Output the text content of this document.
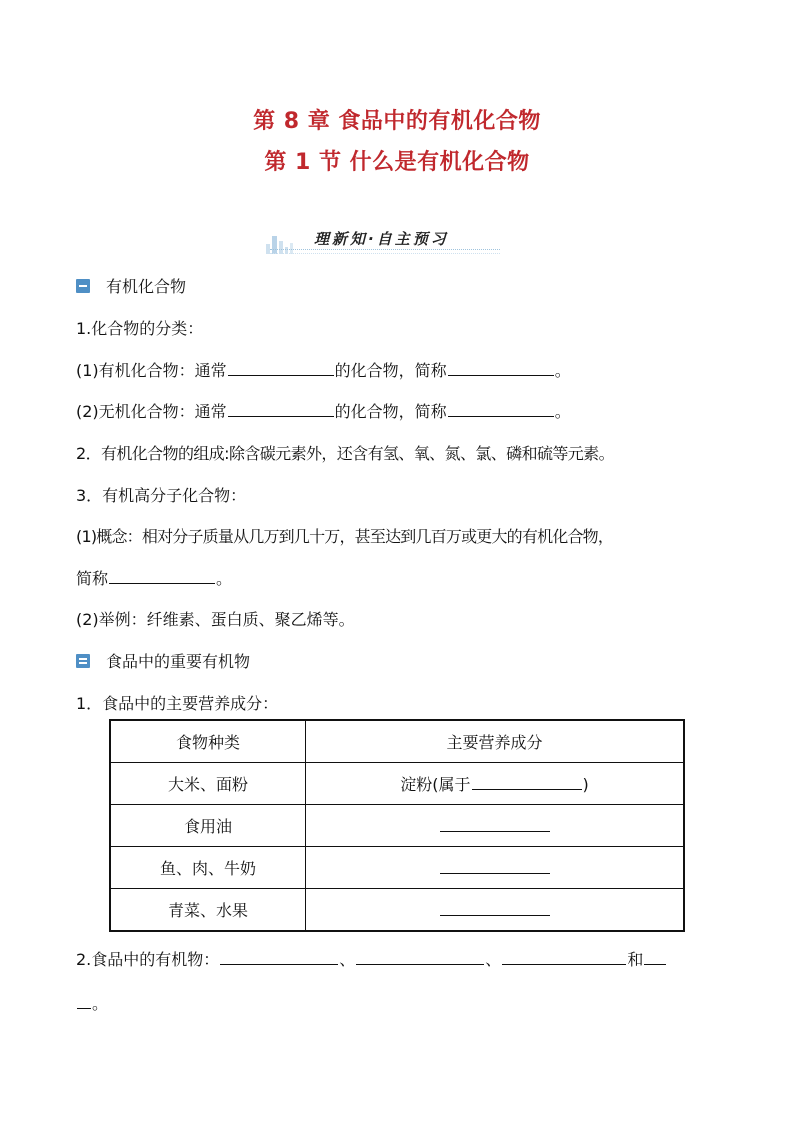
第 8 章 食品中的有机化合物
第 1 节 什么是有机化合物
理新知·自主预习
有机化合物
1.化合物的分类：
(1)有机化合物：通常	的化合物，简称	。
(2)无机化合物：通常	的化合物，简称	。
2．有机化合物的组成:除含碳元素外，还含有氢、氧、氮、氯、磷和硫等元素。
3．有机高分子化合物：
(1)概念：相对分子质量从几万到几十万，甚至达到几百万或更大的有机化合物，
简称	。
(2)举例：纤维素、蛋白质、聚乙烯等。
食品中的重要有机物
1．食品中的主要营养成分：
食物种类	主要营养成分
大米、面粉	淀粉(属于 )
食用油	
鱼、肉、牛奶	
青菜、水果	
2.食品中的有机物：	、	、	和
。
